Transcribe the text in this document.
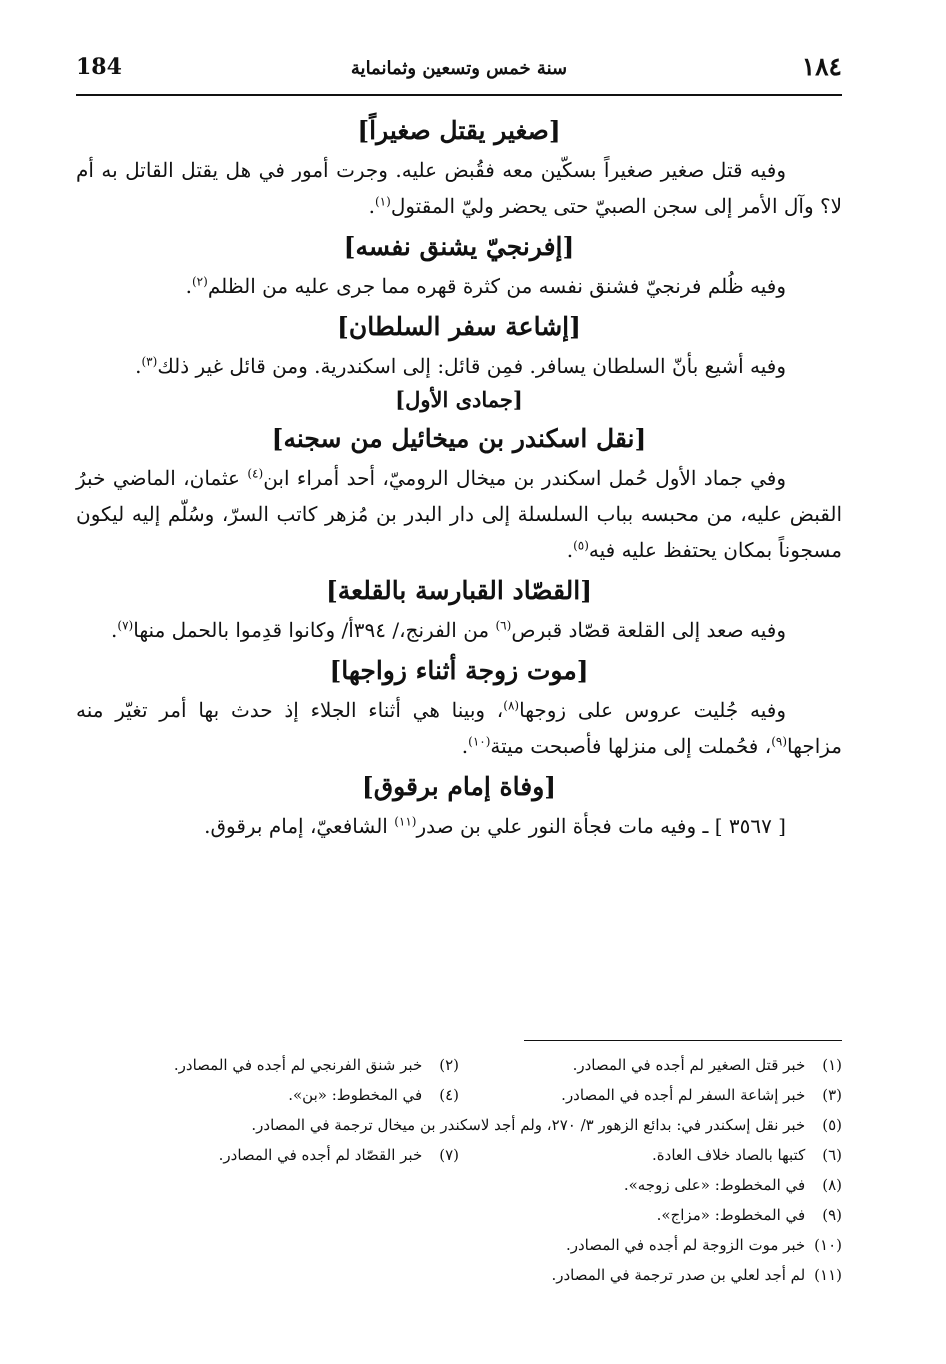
184	سنة خمس وتسعين وثمانماية	١٨٤
[صغير يقتل صغيراً]

وفيه قتل صغير صغيراً بسكّين معه فقُبض عليه. وجرت أمور في هل يقتل القاتل به أم لا؟ وآل الأمر إلى سجن الصبيّ حتى يحضر وليّ المقتول$^{(١)}$.

[إفرنجيّ يشنق نفسه]

وفيه ظُلم فرنجيّ فشنق نفسه من كثرة قهره مما جرى عليه من الظلم$^{(٢)}$.

[إشاعة سفر السلطان]

وفيه أشيع بأنّ السلطان يسافر. فمِن قائل: إلى اسكندرية. ومن قائل غير ذلك$^{(٣)}$.

[جمادى الأول]
[نقل اسكندر بن ميخائيل من سجنه]

وفي جماد الأول حُمل اسكندر بن ميخال الروميّ، أحد أمراء ابن$^{(٤)}$ عثمان، الماضي خبرُ القبض عليه، من محبسه بباب السلسلة إلى دار البدر بن مُزهر كاتب السرّ، وسُلّم إليه ليكون مسجوناً بمكان يحتفظ عليه فيه$^{(٥)}$.

[القصّاد القبارسة بالقلعة]

وفيه صعد إلى القلعة قصّاد قبرص$^{(٦)}$ من الفرنج،/ ٣٩٤أ/ وكانوا قدِموا بالحمل منها$^{(٧)}$.

[موت زوجة أثناء زواجها]

وفيه جُليت عروس على زوجها$^{(٨)}$، وبينا هي أثناء الجلاء إذ حدث بها أمر تغيّر منه مزاجها$^{(٩)}$، فحُملت إلى منزلها فأصبحت ميتة$^{(١٠)}$.

[وفاة إمام برقوق]

[ ٣٥٦٧ ] ـ وفيه مات فجأة النور علي بن صدر$^{(١١)}$ الشافعيّ، إمام برقوق.

(١) خبر قتل الصغير لم أجده في المصادر.
(٢) خبر شنق الفرنجي لم أجده في المصادر.
(٣) خبر إشاعة السفر لم أجده في المصادر.
(٤) في المخطوط: «بن».
(٥) خبر نقل إسكندر في: بدائع الزهور ٣/ ٢٧٠، ولم أجد لاسكندر بن ميخال ترجمة في المصادر.
(٦) كتبها بالصاد خلاف العادة.
(٧) خبر القصّاد لم أجده في المصادر.
(٨) في المخطوط: «على زوجه».
(٩) في المخطوط: «مزاج».
(١٠) خبر موت الزوجة لم أجده في المصادر.
(١١) لم أجد لعلي بن صدر ترجمة في المصادر.
